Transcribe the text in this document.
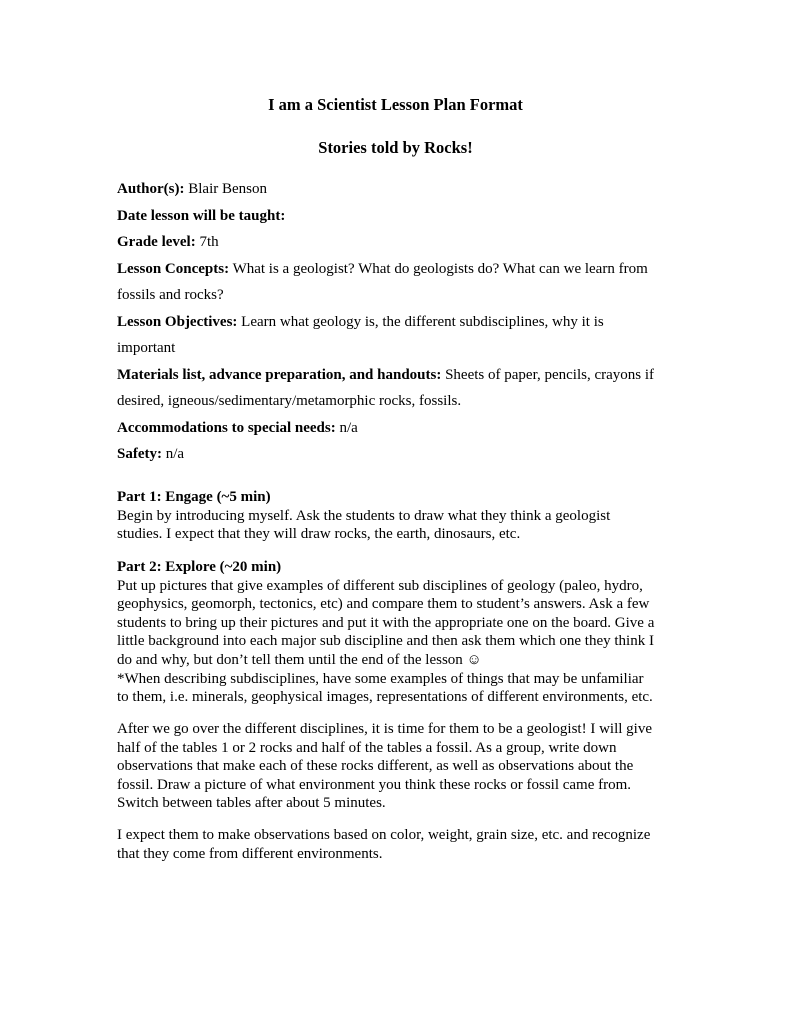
I am a Scientist Lesson Plan Format
Stories told by Rocks!

Author(s): Blair Benson

Date lesson will be taught:

Grade level: 7th

Lesson Concepts: What is a geologist? What do geologists do? What can we learn from

fossils and rocks?

Lesson Objectives: Learn what geology is, the different subdisciplines, why it is

important

Materials list, advance preparation, and handouts: Sheets of paper, pencils, crayons if

desired, igneous/sedimentary/metamorphic rocks, fossils.

Accommodations to special needs: n/a

Safety: n/a

Part 1: Engage (~5 min)

Begin by introducing myself. Ask the students to draw what they think a geologist

studies. I expect that they will draw rocks, the earth, dinosaurs, etc.

Part 2: Explore (~20 min)

Put up pictures that give examples of different sub disciplines of geology (paleo, hydro,

geophysics, geomorph, tectonics, etc) and compare them to student’s answers. Ask a few

students to bring up their pictures and put it with the appropriate one on the board. Give a

little background into each major sub discipline and then ask them which one they think I

do and why, but don’t tell them until the end of the lesson ☺

*When describing subdisciplines, have some examples of things that may be unfamiliar

to them, i.e. minerals, geophysical images, representations of different environments, etc.

After we go over the different disciplines, it is time for them to be a geologist! I will give

half of the tables 1 or 2 rocks and half of the tables a fossil. As a group, write down

observations that make each of these rocks different, as well as observations about the

fossil. Draw a picture of what environment you think these rocks or fossil came from.

Switch between tables after about 5 minutes.

I expect them to make observations based on color, weight, grain size, etc. and recognize

that they come from different environments.
